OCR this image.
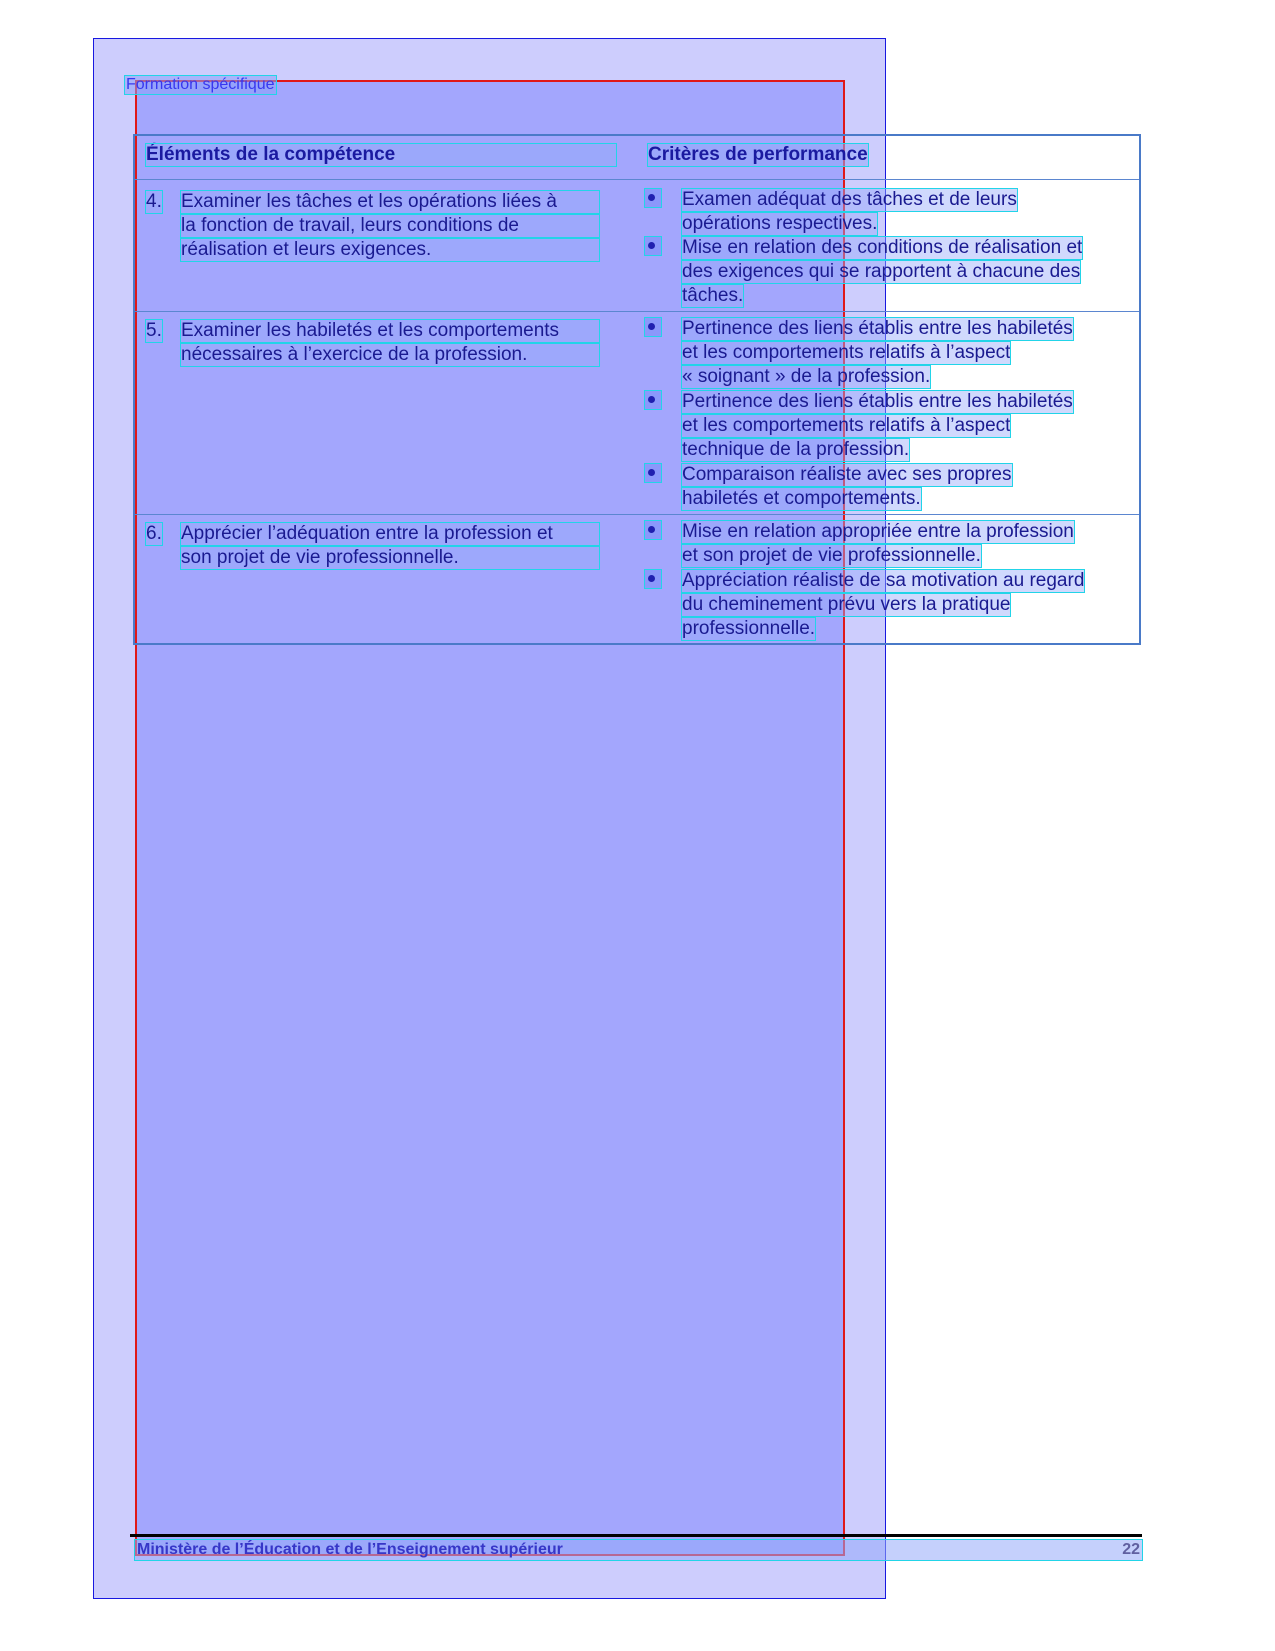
Formation spécifique
Éléments de la compétence	Critères de performance
4. Examiner les tâches et les opérations liées à
la fonction de travail, leurs conditions de
réalisation et leurs exigences.
Examen adéquat des tâches et de leurs
opérations respectives.
Mise en relation des conditions de réalisation et
des exigences qui se rapportent à chacune des
tâches.
5. Examiner les habiletés et les comportements
nécessaires à l’exercice de la profession.
Pertinence des liens établis entre les habiletés
et les comportements relatifs à l’aspect
« soignant » de la profession.
Pertinence des liens établis entre les habiletés
et les comportements relatifs à l’aspect
technique de la profession.
Comparaison réaliste avec ses propres
habiletés et comportements.
6. Apprécier l’adéquation entre la profession et
son projet de vie professionnelle.
Mise en relation appropriée entre la profession
et son projet de vie professionnelle.
Appréciation réaliste de sa motivation au regard
du cheminement prévu vers la pratique
professionnelle.
Ministère de l’Éducation et de l’Enseignement supérieur	22
